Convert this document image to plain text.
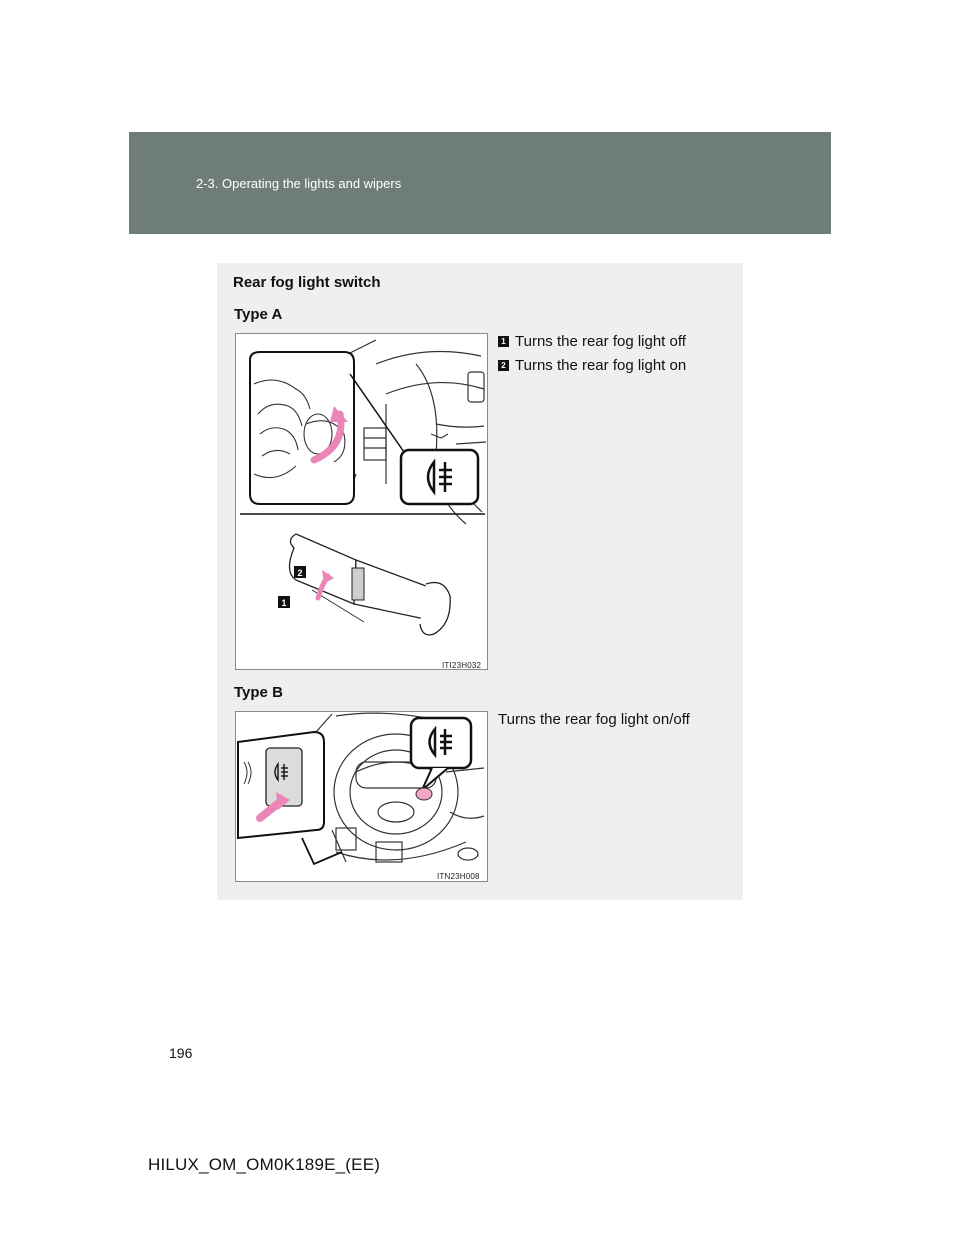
2-3. Operating the lights and wipers
Rear fog light switch
Type A
2
1
ITI23H032
1 Turns the rear fog light off
2 Turns the rear fog light on
Type B
ITN23H008
Turns the rear fog light on/off
196
HILUX_OM_OM0K189E_(EE)
